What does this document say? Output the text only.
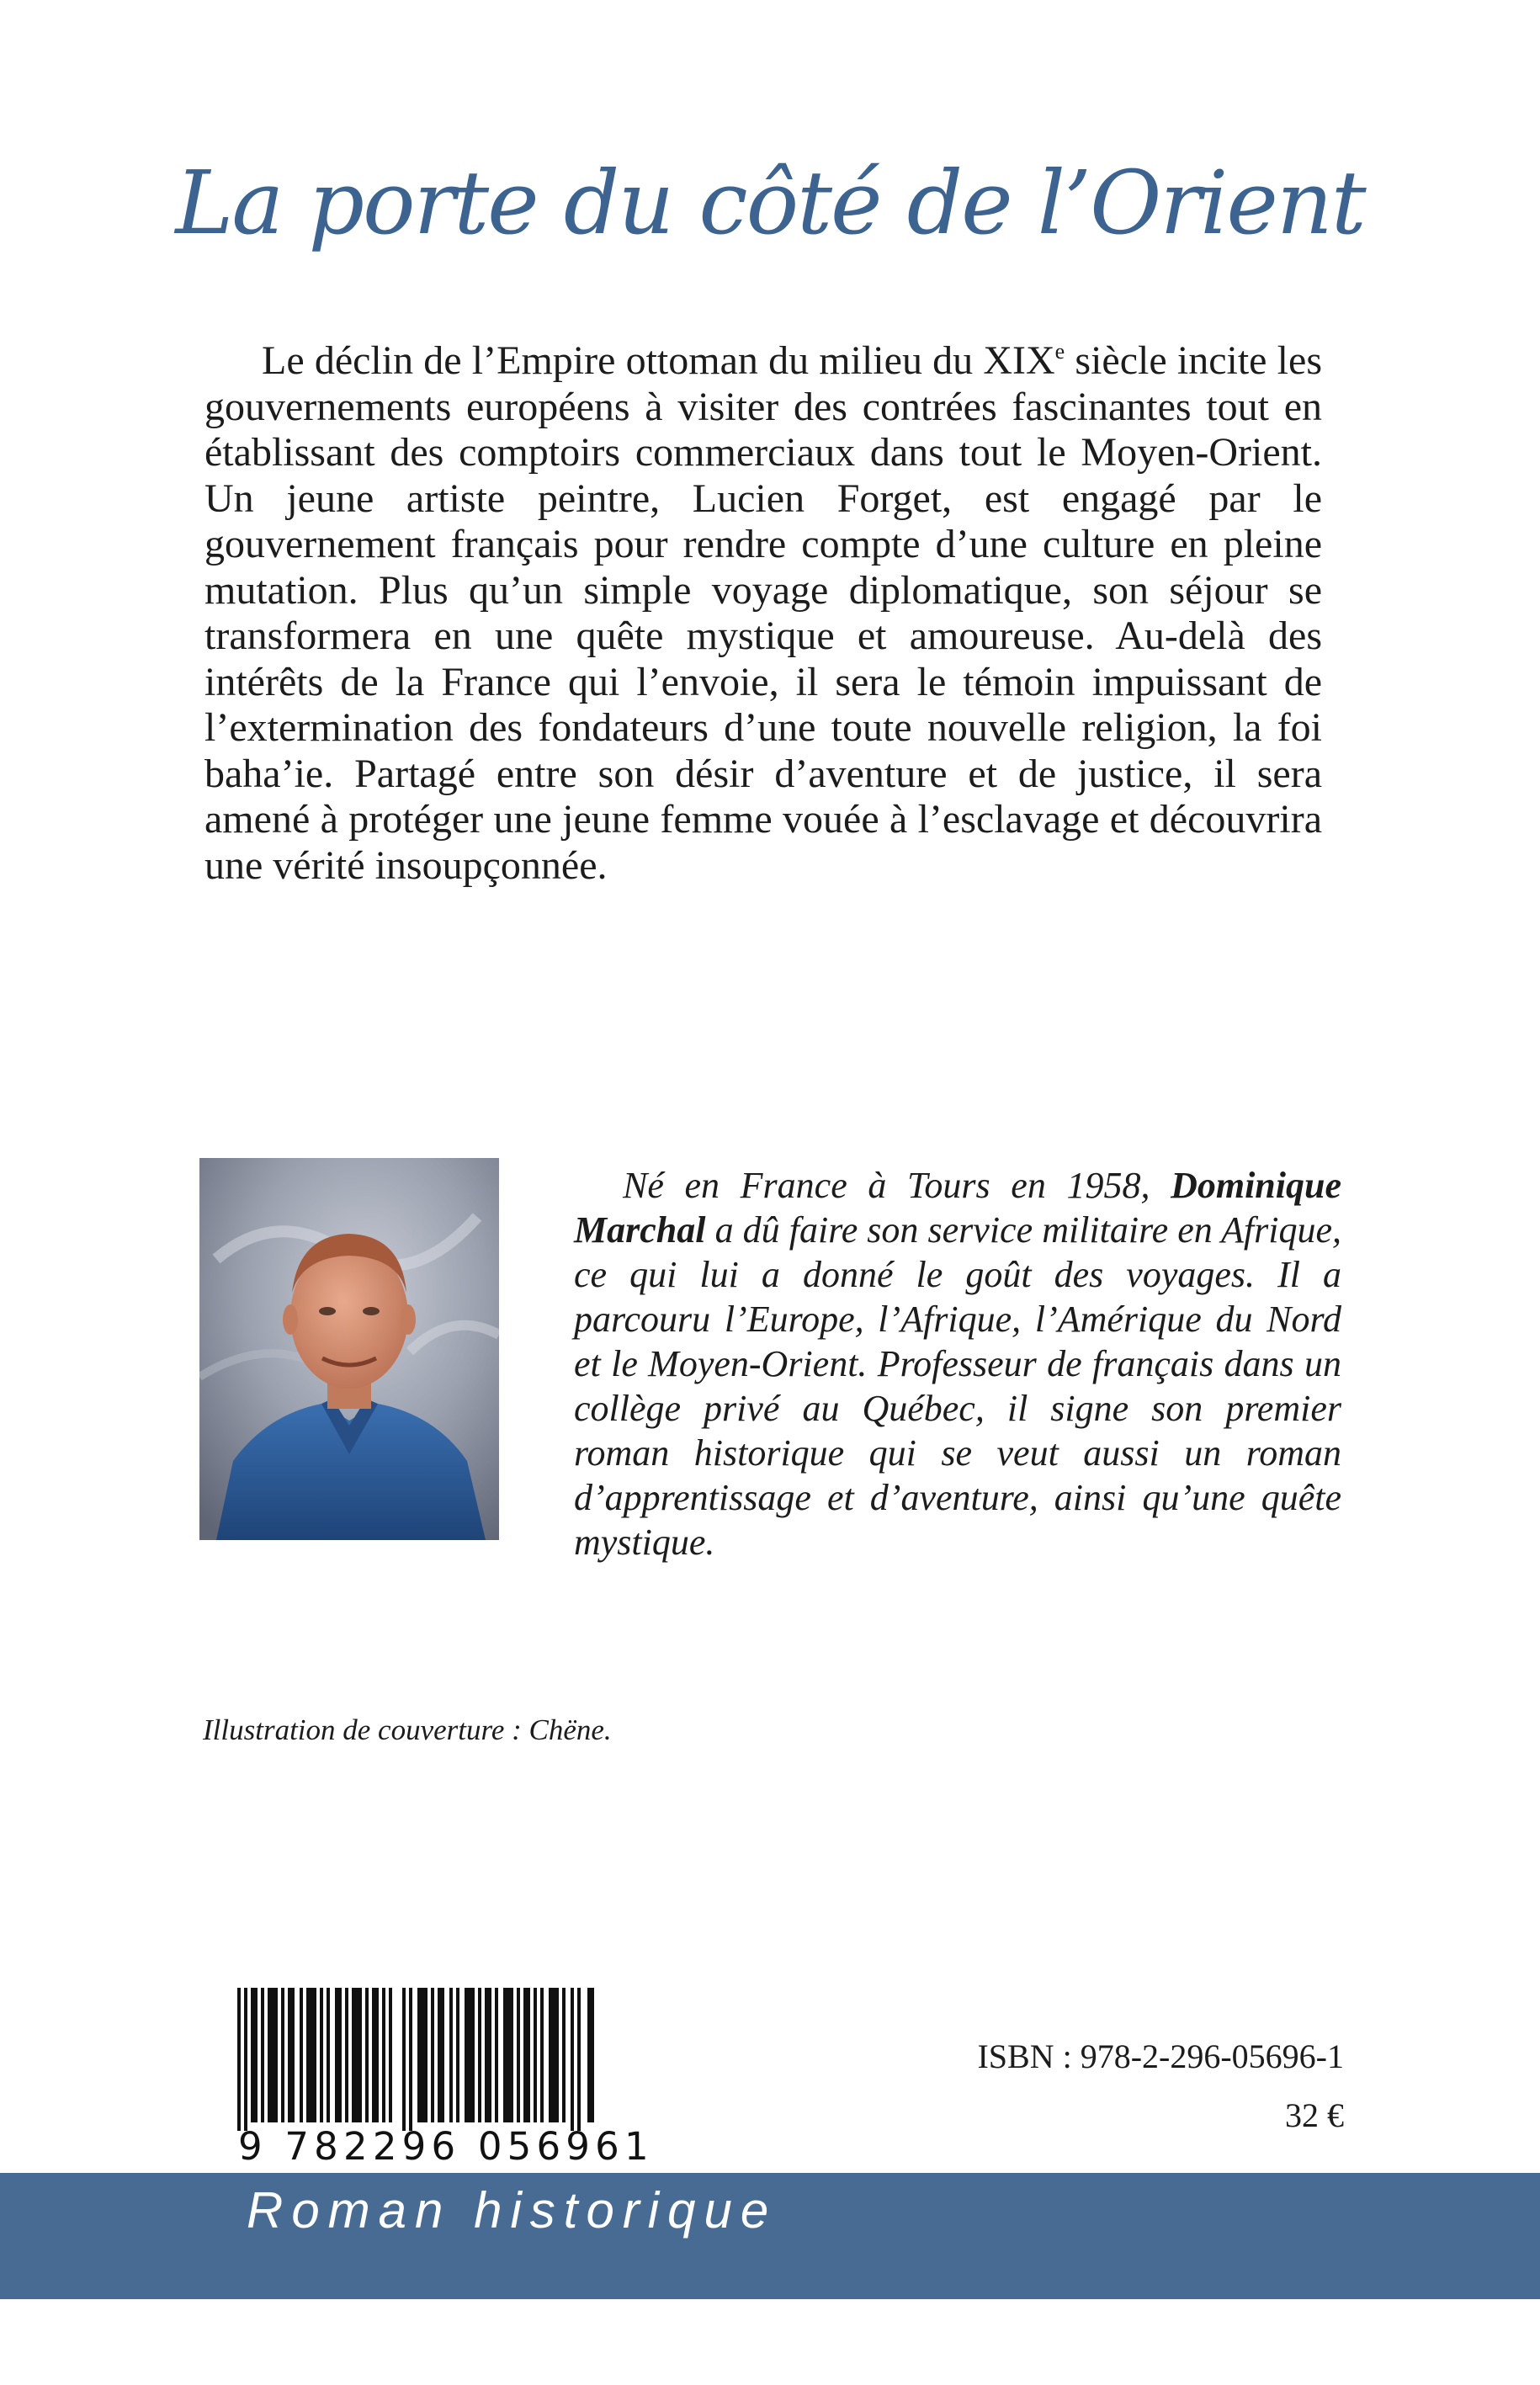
La porte du côté de l’Orient

Le déclin de l’Empire ottoman du milieu du XIXe siècle incite les gouvernements européens à visiter des contrées fascinantes tout en établissant des comptoirs commerciaux dans tout le Moyen-Orient. Un jeune artiste peintre, Lucien Forget, est engagé par le gouvernement français pour rendre compte d’une culture en pleine mutation. Plus qu’un simple voyage diplomatique, son séjour se transformera en une quête mystique et amoureuse. Au-delà des intérêts de la France qui l’envoie, il sera le témoin impuissant de l’extermination des fondateurs d’une toute nouvelle religion, la foi baha’ie. Partagé entre son désir d’aventure et de justice, il sera amené à protéger une jeune femme vouée à l’esclavage et découvrira une vérité insoupçonnée.

Né en France à Tours en 1958, Dominique Marchal a dû faire son service militaire en Afrique, ce qui lui a donné le goût des voyages. Il a parcouru l’Europe, l’Afrique, l’Amérique du Nord et le Moyen-Orient. Professeur de français dans un collège privé au Québec, il signe son premier roman historique qui se veut aussi un roman d’apprentissage et d’aventure, ainsi qu’une quête mystique.

Illustration de couverture : Chëne.
9 782296 056961
ISBN : 978-2-296-05696-1
32 €
Roman historique
